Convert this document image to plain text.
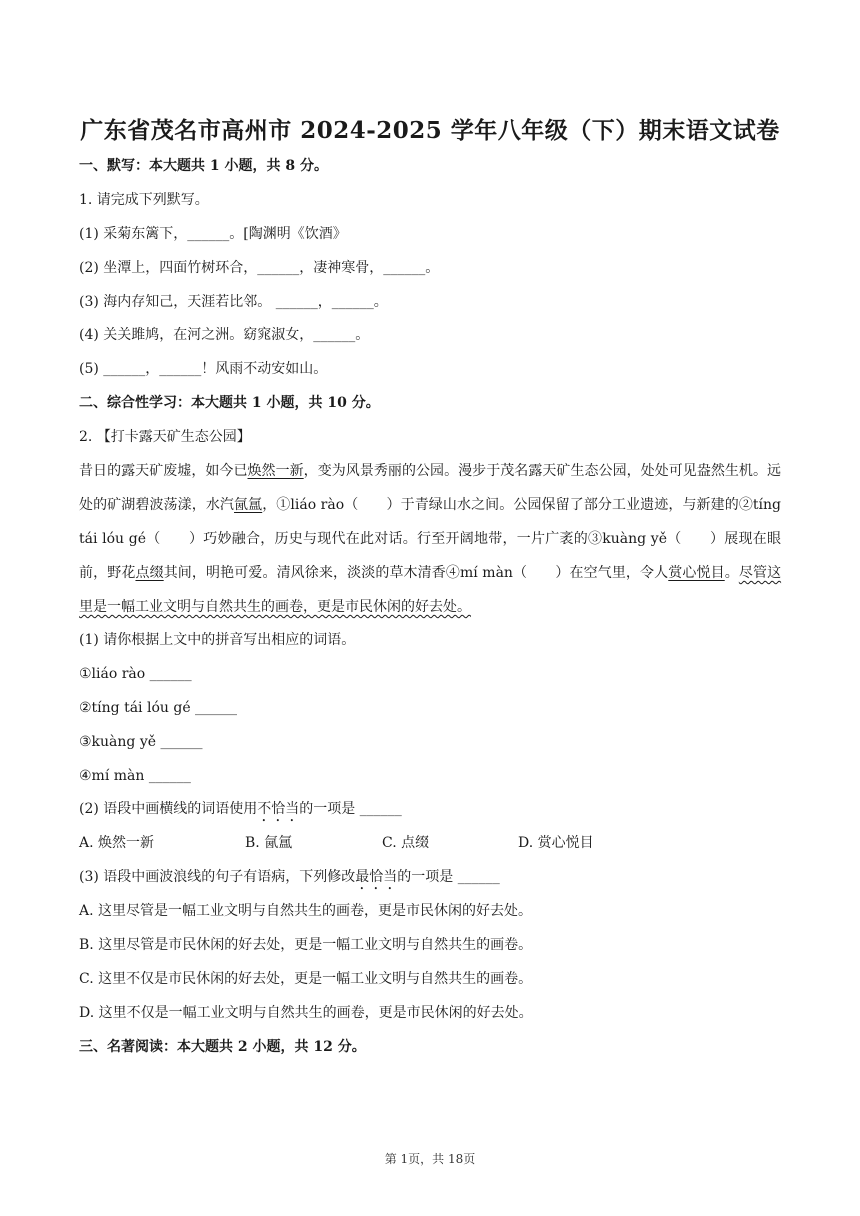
广东省茂名市高州市 2024-2025 学年八年级（下）期末语文试卷
一、默写：本大题共 1 小题，共 8 分。
1. 请完成下列默写。
(1) 采菊东篱下，______。[陶渊明《饮酒》
(2) 坐潭上，四面竹树环合，______，凄神寒骨，______。
(3) 海内存知己，天涯若比邻。 ______，______。
(4) 关关雎鸠，在河之洲。窈窕淑女，______。
(5) ______，______！风雨不动安如山。
二、综合性学习：本大题共 1 小题，共 10 分。
2. 【打卡露天矿生态公园】
昔日的露天矿废墟，如今已焕然一新，变为风景秀丽的公园。漫步于茂名露天矿生态公园，处处可见盎然生机。远处的矿湖碧波荡漾，水汽氤氲，①liáo rào（　　）于青绿山水之间。公园保留了部分工业遗迹，与新建的②tíng tái lóu gé（　　）巧妙融合，历史与现代在此对话。行至开阔地带，一片广袤的③kuàng yě（　　）展现在眼前，野花点缀其间，明艳可爱。清风徐来，淡淡的草木清香④mí màn（　　）在空气里，令人赏心悦目。尽管这里是一幅工业文明与自然共生的画卷，更是市民休闲的好去处。
(1) 请你根据上文中的拼音写出相应的词语。
①liáo rào ______
②tíng tái lóu gé ______
③kuàng yě ______
④mí màn ______
(2) 语段中画横线的词语使用不恰当的一项是 ______
A. 焕然一新	B. 氤氲	C. 点缀	D. 赏心悦目
(3) 语段中画波浪线的句子有语病，下列修改最恰当的一项是 ______
A. 这里尽管是一幅工业文明与自然共生的画卷，更是市民休闲的好去处。
B. 这里尽管是市民休闲的好去处，更是一幅工业文明与自然共生的画卷。
C. 这里不仅是市民休闲的好去处，更是一幅工业文明与自然共生的画卷。
D. 这里不仅是一幅工业文明与自然共生的画卷，更是市民休闲的好去处。
三、名著阅读：本大题共 2 小题，共 12 分。
第 1页，共 18页
